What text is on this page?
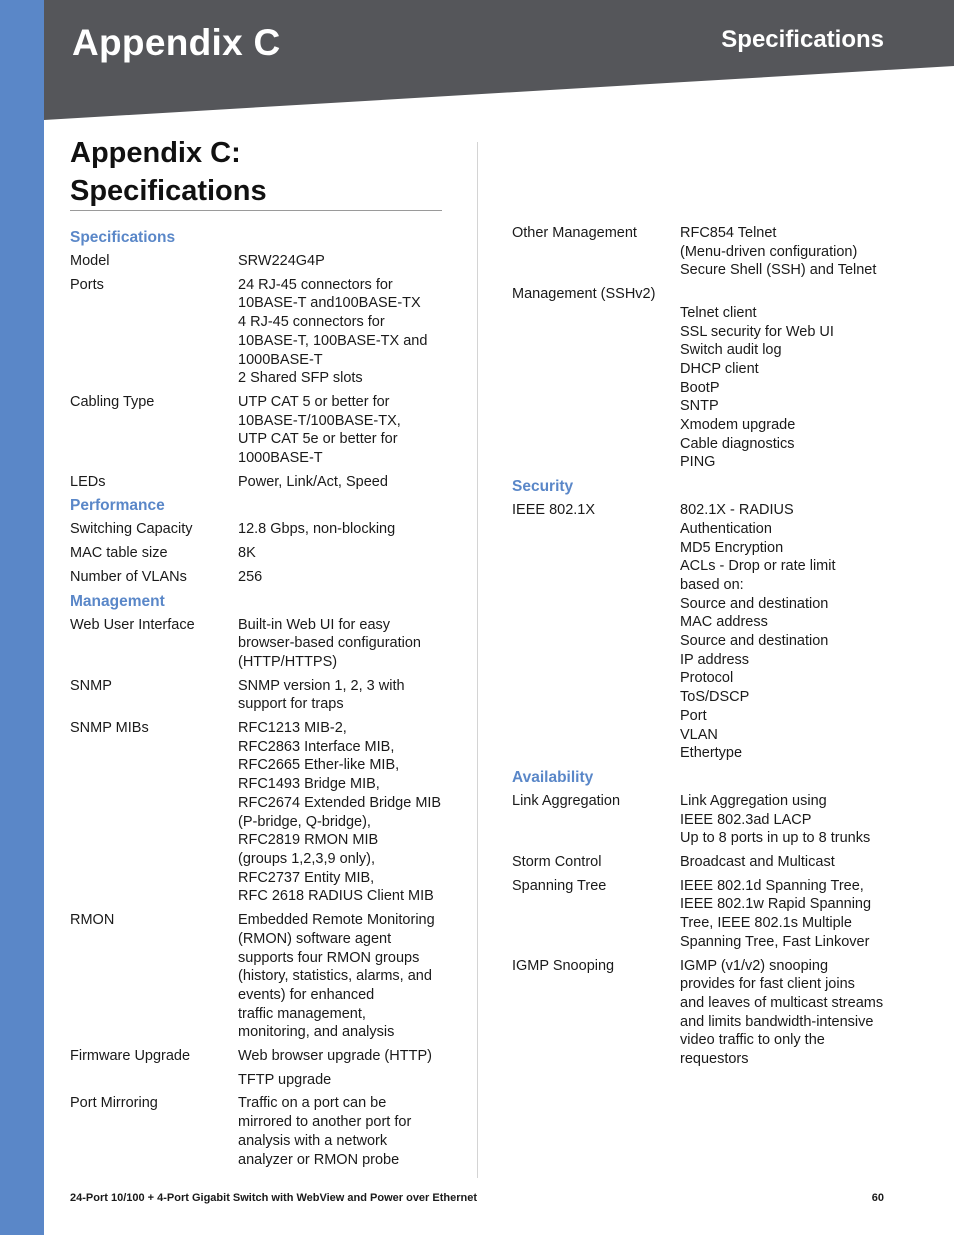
Appendix C	Specifications
Appendix C: Specifications
Specifications
Model	SRW224G4P
Ports	24 RJ-45 connectors for
10BASE-T and100BASE-TX
4 RJ-45 connectors for
10BASE-T, 100BASE-TX and
1000BASE-T
2 Shared SFP slots
Cabling Type	UTP CAT 5 or better for
10BASE-T/100BASE-TX,
UTP CAT 5e or better for
1000BASE-T
LEDs	Power, Link/Act, Speed
Performance
Switching Capacity	12.8 Gbps, non-blocking
MAC table size	8K
Number of VLANs	256
Management
Web User Interface	Built-in Web UI for easy
browser-based configuration
(HTTP/HTTPS)
SNMP	SNMP version 1, 2, 3 with
support for traps
SNMP MIBs	RFC1213 MIB-2,
RFC2863 Interface MIB,
RFC2665 Ether-like MIB,
RFC1493 Bridge MIB,
RFC2674 Extended Bridge MIB
(P-bridge, Q-bridge),
RFC2819 RMON MIB
(groups 1,2,3,9 only),
RFC2737 Entity MIB,
RFC 2618 RADIUS Client MIB
RMON	Embedded Remote Monitoring
(RMON) software agent
supports four RMON groups
(history, statistics, alarms, and
events) for enhanced
traffic management,
monitoring, and analysis
Firmware Upgrade	Web browser upgrade (HTTP)
TFTP upgrade
Port Mirroring	Traffic on a port can be
mirrored to another port for
analysis with a network
analyzer or RMON probe
Other Management	RFC854 Telnet
(Menu-driven configuration)
Secure Shell (SSH) and Telnet
Management (SSHv2)
Telnet client
SSL security for Web UI
Switch audit log
DHCP client
BootP
SNTP
Xmodem upgrade
Cable diagnostics
PING
Security
IEEE 802.1X	802.1X - RADIUS
Authentication
MD5 Encryption
ACLs - Drop or rate limit
based on:
Source and destination
MAC address
Source and destination
IP address
Protocol
ToS/DSCP
Port
VLAN
Ethertype
Availability
Link Aggregation	Link Aggregation using
IEEE 802.3ad LACP
Up to 8 ports in up to 8 trunks
Storm Control	Broadcast and Multicast
Spanning Tree	IEEE 802.1d Spanning Tree,
IEEE 802.1w Rapid Spanning
Tree, IEEE 802.1s Multiple
Spanning Tree, Fast Linkover
IGMP Snooping	IGMP (v1/v2) snooping
provides for fast client joins
and leaves of multicast streams
and limits bandwidth-intensive
video traffic to only the
requestors
24-Port 10/100 + 4-Port Gigabit Switch with WebView and Power over Ethernet	60
